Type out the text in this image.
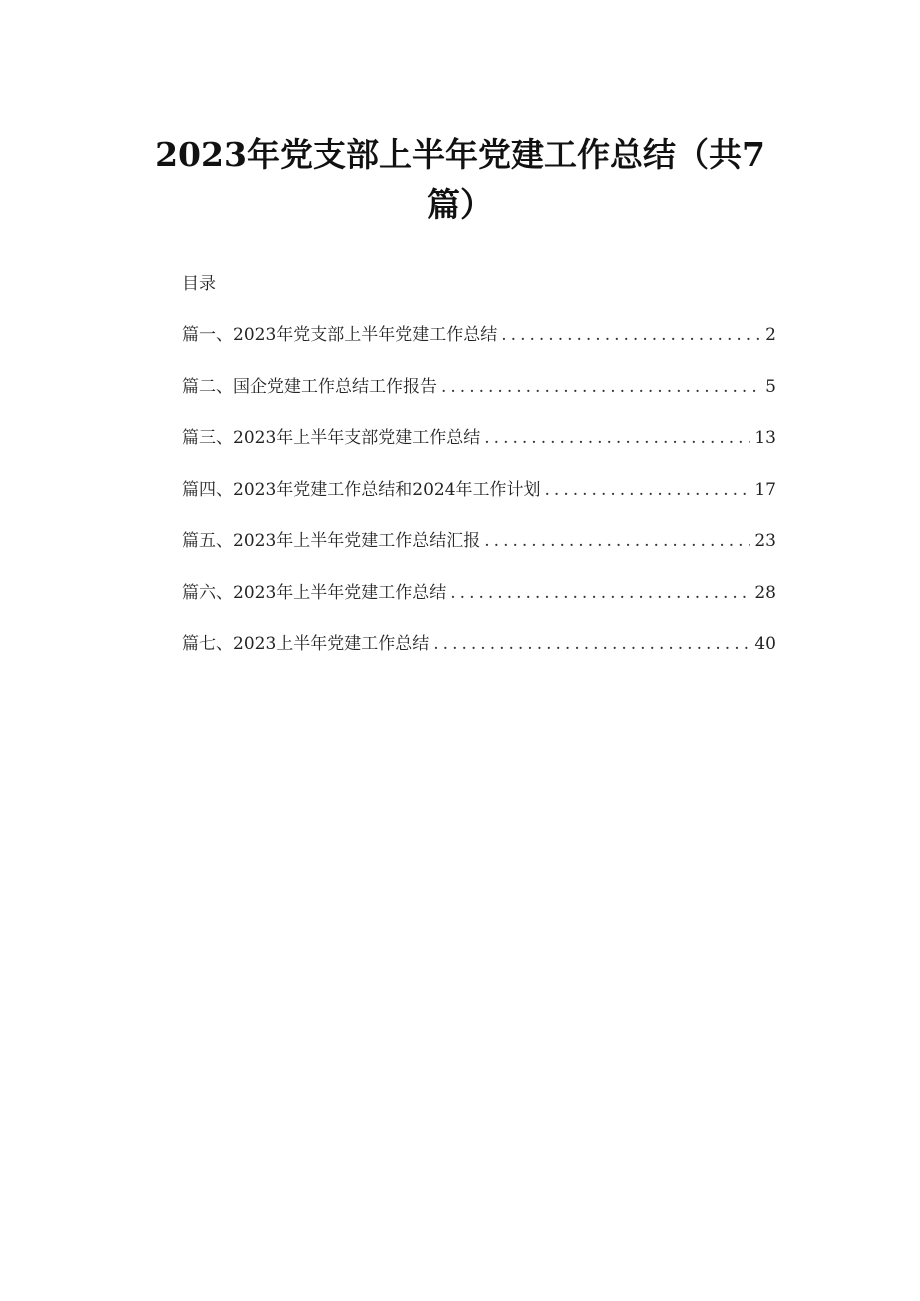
2023年党支部上半年党建工作总结（共7
篇）
目录
篇一、2023年党支部上半年党建工作总结 .....	2
篇二、国企党建工作总结工作报告 .....	5
篇三、2023年上半年支部党建工作总结 .....	13
篇四、2023年党建工作总结和2024年工作计划 .....	17
篇五、2023年上半年党建工作总结汇报 .....	23
篇六、2023年上半年党建工作总结 .....	28
篇七、2023上半年党建工作总结 .....	40
